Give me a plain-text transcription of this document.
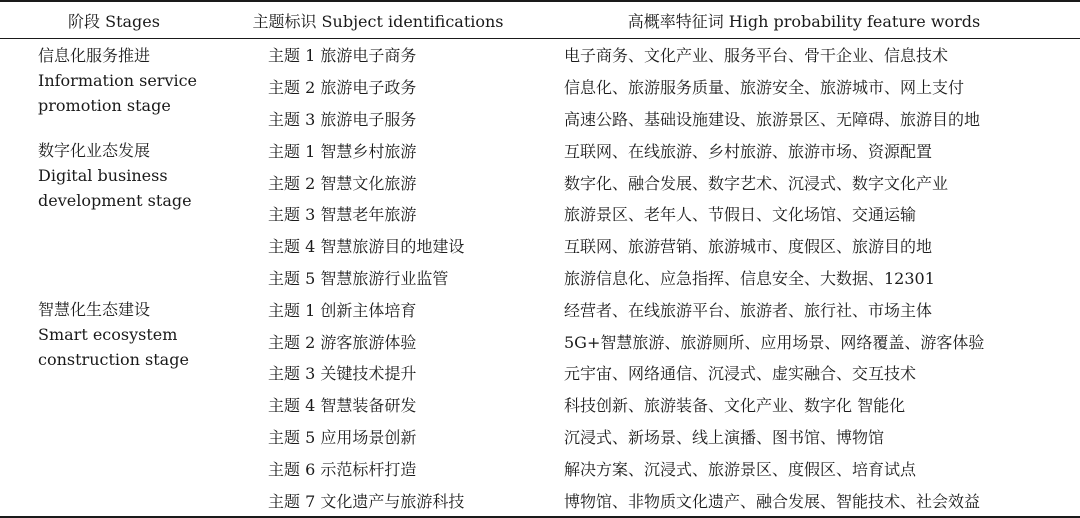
阶段 Stages	主题标识 Subject identifications	高概率特征词 High probability feature words

信息化服务推进
Information service
promotion stage	主题 1 旅游电子商务	电子商务、文化产业、服务平台、骨干企业、信息技术
	主题 2 旅游电子政务	信息化、旅游服务质量、旅游安全、旅游城市、网上支付
	主题 3 旅游电子服务	高速公路、基础设施建设、旅游景区、无障碍、旅游目的地

数字化业态发展
Digital business
development stage	主题 1 智慧乡村旅游	互联网、在线旅游、乡村旅游、旅游市场、资源配置
	主题 2 智慧文化旅游	数字化、融合发展、数字艺术、沉浸式、数字文化产业
	主题 3 智慧老年旅游	旅游景区、老年人、节假日、文化场馆、交通运输
	主题 4 智慧旅游目的地建设	互联网、旅游营销、旅游城市、度假区、旅游目的地
	主题 5 智慧旅游行业监管	旅游信息化、应急指挥、信息安全、大数据、12301

智慧化生态建设
Smart ecosystem
construction stage	主题 1 创新主体培育	经营者、在线旅游平台、旅游者、旅行社、市场主体
	主题 2 游客旅游体验	5G+智慧旅游、旅游厕所、应用场景、网络覆盖、游客体验
	主题 3 关键技术提升	元宇宙、网络通信、沉浸式、虚实融合、交互技术
	主题 4 智慧装备研发	科技创新、旅游装备、文化产业、数字化 智能化
	主题 5 应用场景创新	沉浸式、新场景、线上演播、图书馆、博物馆
	主题 6 示范标杆打造	解决方案、沉浸式、旅游景区、度假区、培育试点
	主题 7 文化遗产与旅游科技	博物馆、非物质文化遗产、融合发展、智能技术、社会效益
